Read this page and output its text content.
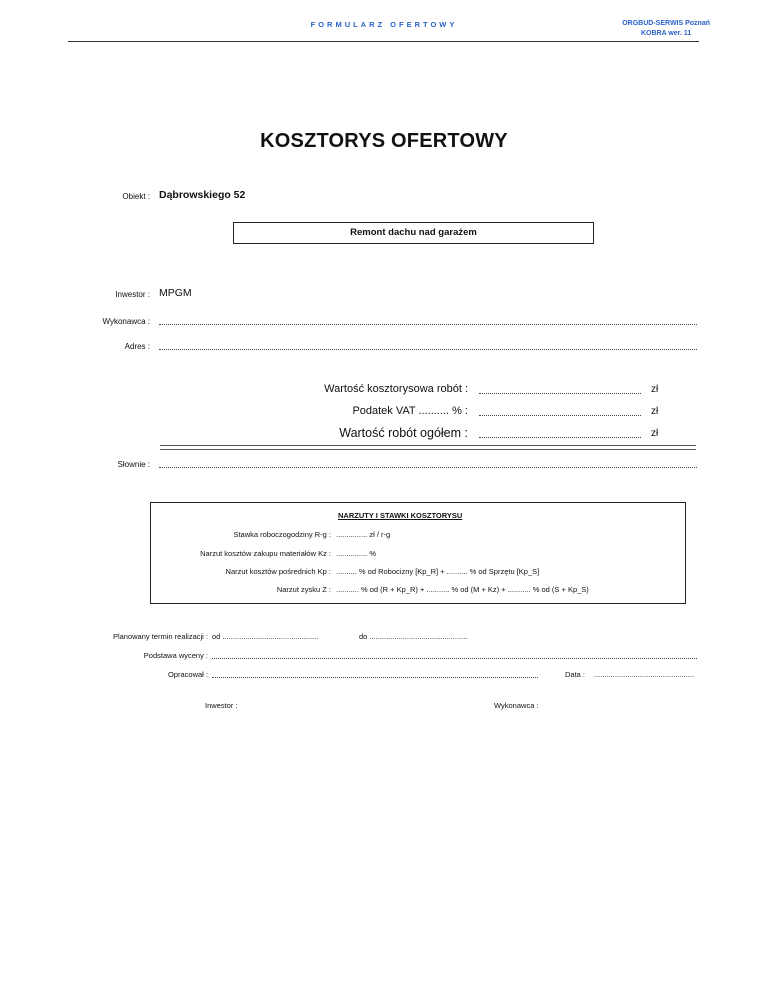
FORMULARZ OFERTOWY	ORGBUD-SERWIS Poznań
KOBRA wer. 11
KOSZTORYS OFERTOWY
Obiekt : Dąbrowskiego 52
Remont dachu nad garażem
Inwestor : MPGM
Wykonawca :
Adres :
Wartość kosztorysowa robót :	zł
Podatek VAT .......... % :	zł
Wartość robót ogółem :	zł
Słownie :
NARZUTY I STAWKI KOSZTORYSU
Stawka roboczogodziny R-g : ............... zł / r-g
Narzut kosztów zakupu materiałów Kz : ............... %
Narzut kosztów pośrednich Kp : .......... % od Robocizny [Kp_R] + .......... % od Sprzętu [Kp_S]
Narzut zysku Z : ........... % od (R + Kp_R) + ........... % od (M + Kz) + ........... % od (S + Kp_S)
Planowany termin realizacji : od ..............................................	do ...............................................
Podstawa wyceny :
Opracował :	Data : ................................................
Inwestor :	Wykonawca :
